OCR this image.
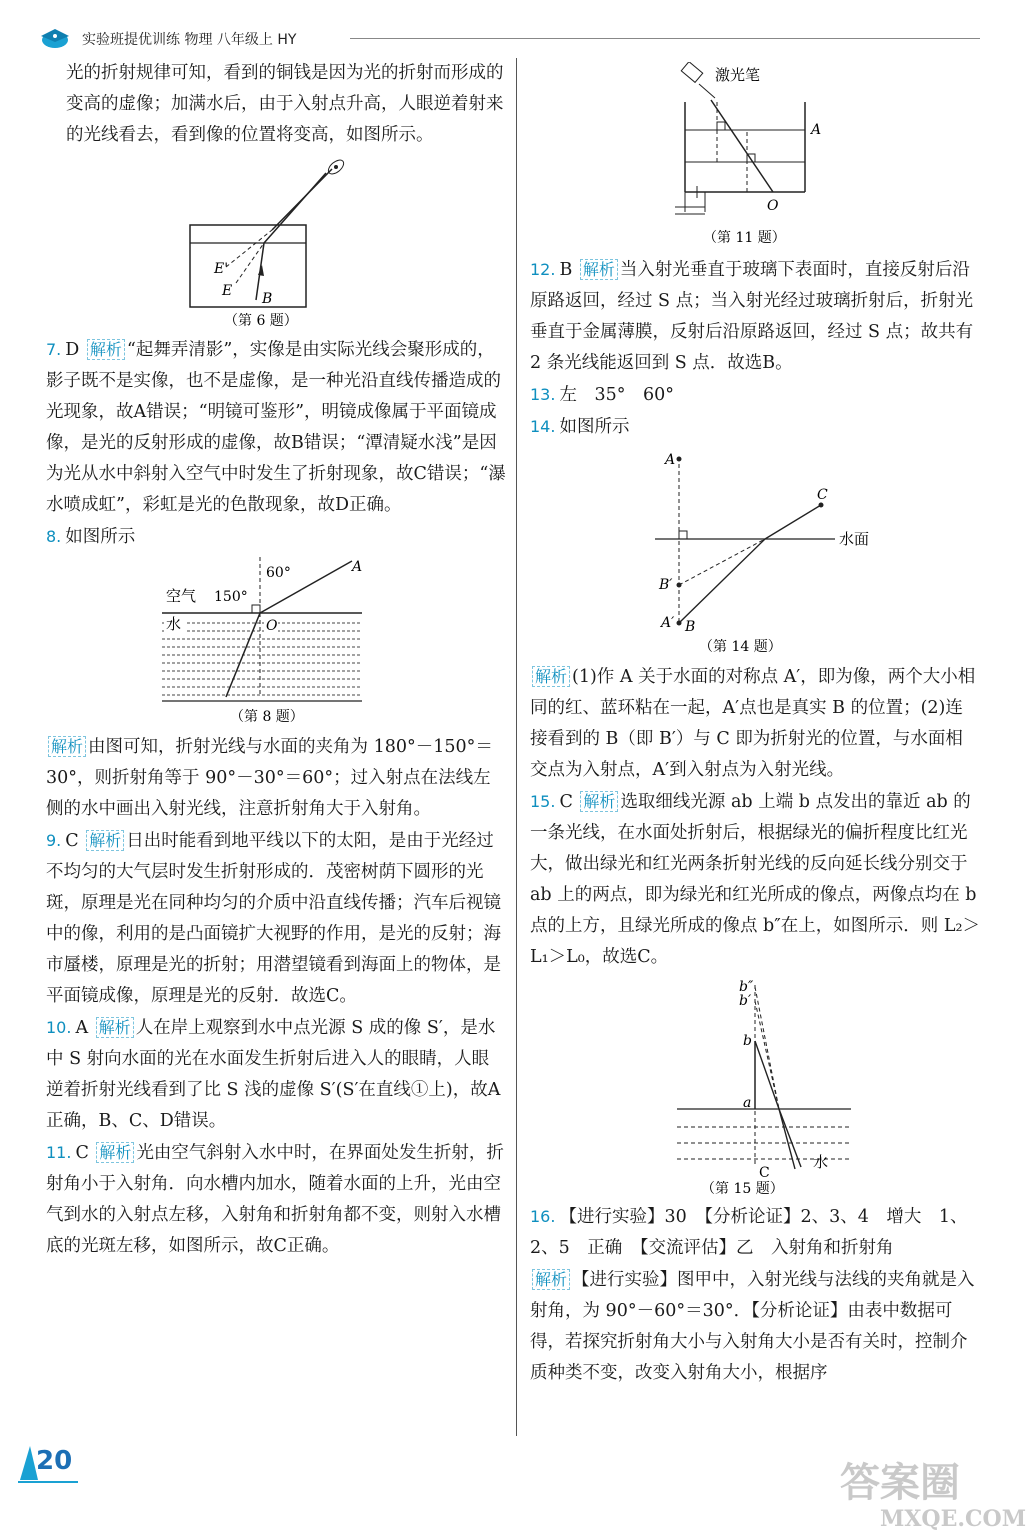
实验班提优训练 物理 八年级上 HY

光的折射规律可知，看到的铜钱是因为光的折射而形成的变高的虚像；加满水后，由于入射点升高，人眼逆着射来的光线看去，看到像的位置将变高，如图所示。

E'
E B
（第 6 题）

7. D 解析 “起舞弄清影”，实像是由实际光线会聚形成的，影子既不是实像，也不是虚像，是一种光沿直线传播造成的光现象，故A错误；“明镜可鉴形”，明镜成像属于平面镜成像，是光的反射形成的虚像，故B错误；“潭清疑水浅”是因为光从水中斜射入空气中时发生了折射现象，故C错误；“瀑水喷成虹”，彩虹是光的色散现象，故D正确。

8. 如图所示

60°	A
空气 150°
水	O
（第 8 题）

解析 由图可知，折射光线与水面的夹角为 180°－150°＝30°，则折射角等于 90°－30°＝60°；过入射点在法线左侧的水中画出入射光线，注意折射角大于入射角。

9. C 解析 日出时能看到地平线以下的太阳，是由于光经过不均匀的大气层时发生折射形成的．茂密树荫下圆形的光斑，原理是光在同种均匀的介质中沿直线传播；汽车后视镜中的像，利用的是凸面镜扩大视野的作用，是光的反射；海市蜃楼，原理是光的折射；用潜望镜看到海面上的物体，是平面镜成像，原理是光的反射．故选C。

10. A 解析 人在岸上观察到水中点光源 S 成的像 S′，是水中 S 射向水面的光在水面发生折射后进入人的眼睛，人眼逆着折射光线看到了比 S 浅的虚像 S′(S′在直线①上)，故A正确，B、C、D错误。

11. C 解析 光由空气斜射入水中时，在界面处发生折射，折射角小于入射角．向水槽内加水，随着水面的上升，光由空气到水的入射点左移，入射角和折射角都不变，则射入水槽底的光斑左移，如图所示，故C正确。

激光笔
A
O
（第 11 题）

12. B 解析 当入射光垂直于玻璃下表面时，直接反射后沿原路返回，经过 S 点；当入射光经过玻璃折射后，折射光垂直于金属薄膜，反射后沿原路返回，经过 S 点；故共有 2 条光线能返回到 S 点．故选B。

13. 左　35°　60°

14. 如图所示

A
B′
A′ B
C
水面
（第 14 题）

解析 (1)作 A 关于水面的对称点 A′，即为像，两个大小相同的红、蓝环粘在一起，A′点也是真实 B 的位置；(2)连接看到的 B（即 B′）与 C 即为折射光的位置，与水面相交点为入射点，A′到入射点为入射光线。

15. C 解析 选取细线光源 ab 上端 b 点发出的靠近 ab 的一条光线，在水面处折射后，根据绿光的偏折程度比红光大，做出绿光和红光两条折射光线的反向延长线分别交于 ab 上的两点，即为绿光和红光所成的像点，两像点均在 b 点的上方，且绿光所成的像点 b″在上，如图所示．则 L₂＞L₁＞L₀，故选C。

b″
b′
b
a
水
C
（第 15 题）

16. 【进行实验】30　【分析论证】2、3、4　增大　1、2、5　正确　【交流评估】乙　入射角和折射角

解析 【进行实验】图甲中，入射光线与法线的夹角就是入射角，为 90°－60°＝30°．【分析论证】由表中数据可得，若探究折射角大小与入射角大小是否有关时，控制介质种类不变，改变入射角大小，根据序

20	答案圈
MXQE.COM
